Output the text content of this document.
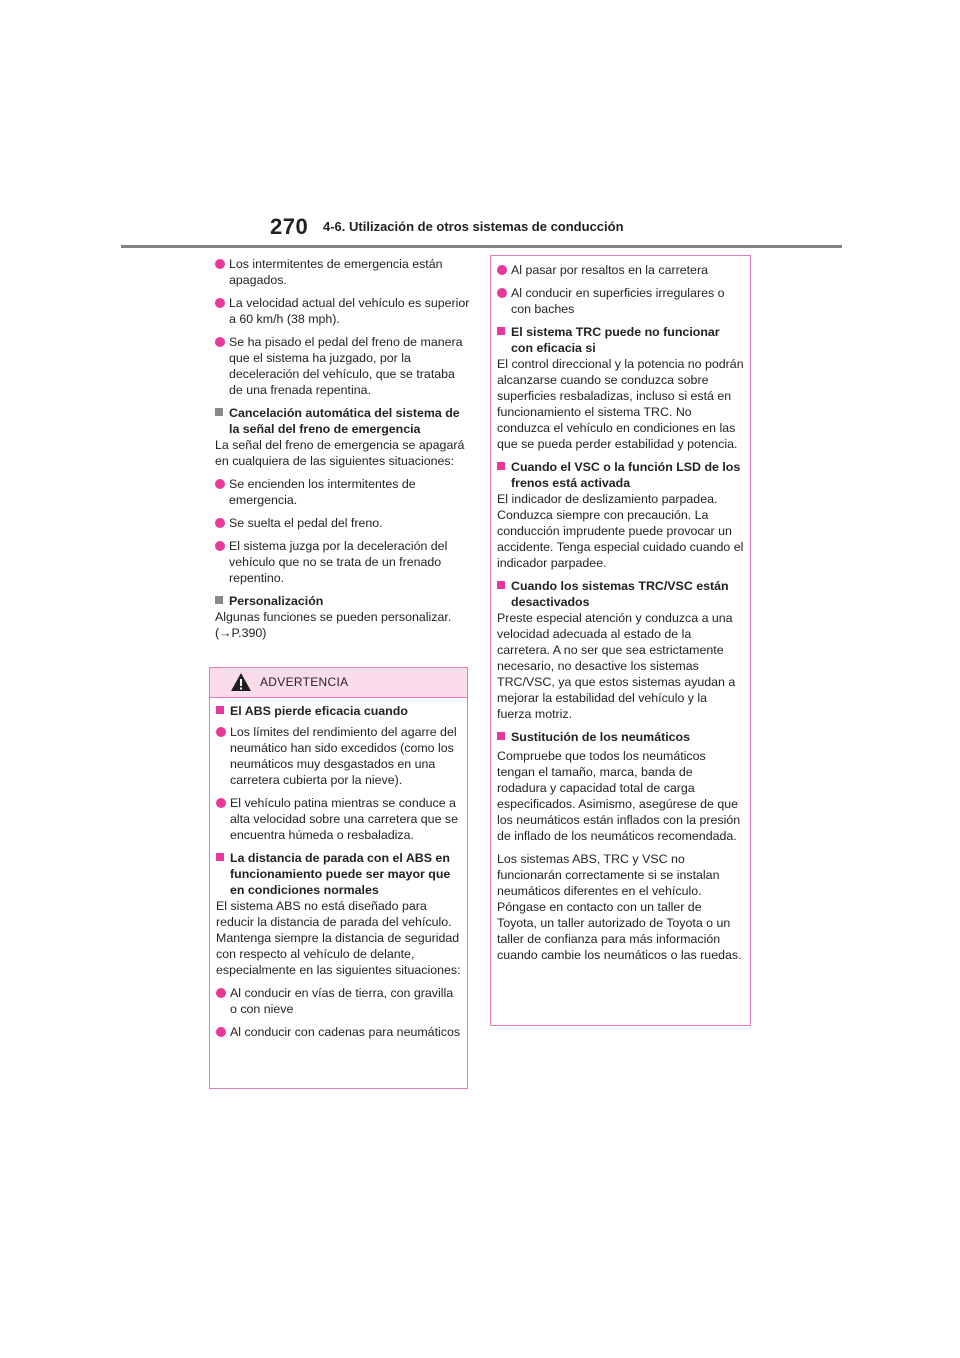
270 4-6. Utilización de otros sistemas de conducción

Los intermitentes de emergencia están apagados.

La velocidad actual del vehículo es superior a 60 km/h (38 mph).

Se ha pisado el pedal del freno de manera que el sistema ha juzgado, por la deceleración del vehículo, que se trataba de una frenada repentina.

Cancelación automática del sistema de la señal del freno de emergencia

La señal del freno de emergencia se apagará en cualquiera de las siguientes situaciones:

Se encienden los intermitentes de emergencia.

Se suelta el pedal del freno.

El sistema juzga por la deceleración del vehículo que no se trata de un frenado repentino.

Personalización

Algunas funciones se pueden personalizar. (→P.390)

ADVERTENCIA
El ABS pierde eficacia cuando

Los límites del rendimiento del agarre del neumático han sido excedidos (como los neumáticos muy desgastados en una carretera cubierta por la nieve).

El vehículo patina mientras se conduce a alta velocidad sobre una carretera que se encuentra húmeda o resbaladiza.

La distancia de parada con el ABS en funcionamiento puede ser mayor que en condiciones normales

El sistema ABS no está diseñado para reducir la distancia de parada del vehículo. Mantenga siempre la distancia de seguridad con respecto al vehículo de delante, especialmente en las siguientes situaciones:

Al conducir en vías de tierra, con gravilla o con nieve

Al conducir con cadenas para neumáticos

Al pasar por resaltos en la carretera

Al conducir en superficies irregulares o con baches

El sistema TRC puede no funcionar con eficacia si

El control direccional y la potencia no podrán alcanzarse cuando se conduzca sobre superficies resbaladizas, incluso si está en funcionamiento el sistema TRC. No conduzca el vehículo en condiciones en las que se pueda perder estabilidad y potencia.

Cuando el VSC o la función LSD de los frenos está activada

El indicador de deslizamiento parpadea. Conduzca siempre con precaución. La conducción imprudente puede provocar un accidente. Tenga especial cuidado cuando el indicador parpadee.

Cuando los sistemas TRC/VSC están desactivados

Preste especial atención y conduzca a una velocidad adecuada al estado de la carretera. A no ser que sea estrictamente necesario, no desactive los sistemas TRC/VSC, ya que estos sistemas ayudan a mejorar la estabilidad del vehículo y la fuerza motriz.

Sustitución de los neumáticos

Compruebe que todos los neumáticos tengan el tamaño, marca, banda de rodadura y capacidad total de carga especificados. Asimismo, asegúrese de que los neumáticos están inflados con la presión de inflado de los neumáticos recomendada.

Los sistemas ABS, TRC y VSC no funcionarán correctamente si se instalan neumáticos diferentes en el vehículo. Póngase en contacto con un taller de Toyota, un taller autorizado de Toyota o un taller de confianza para más información cuando cambie los neumáticos o las ruedas.
